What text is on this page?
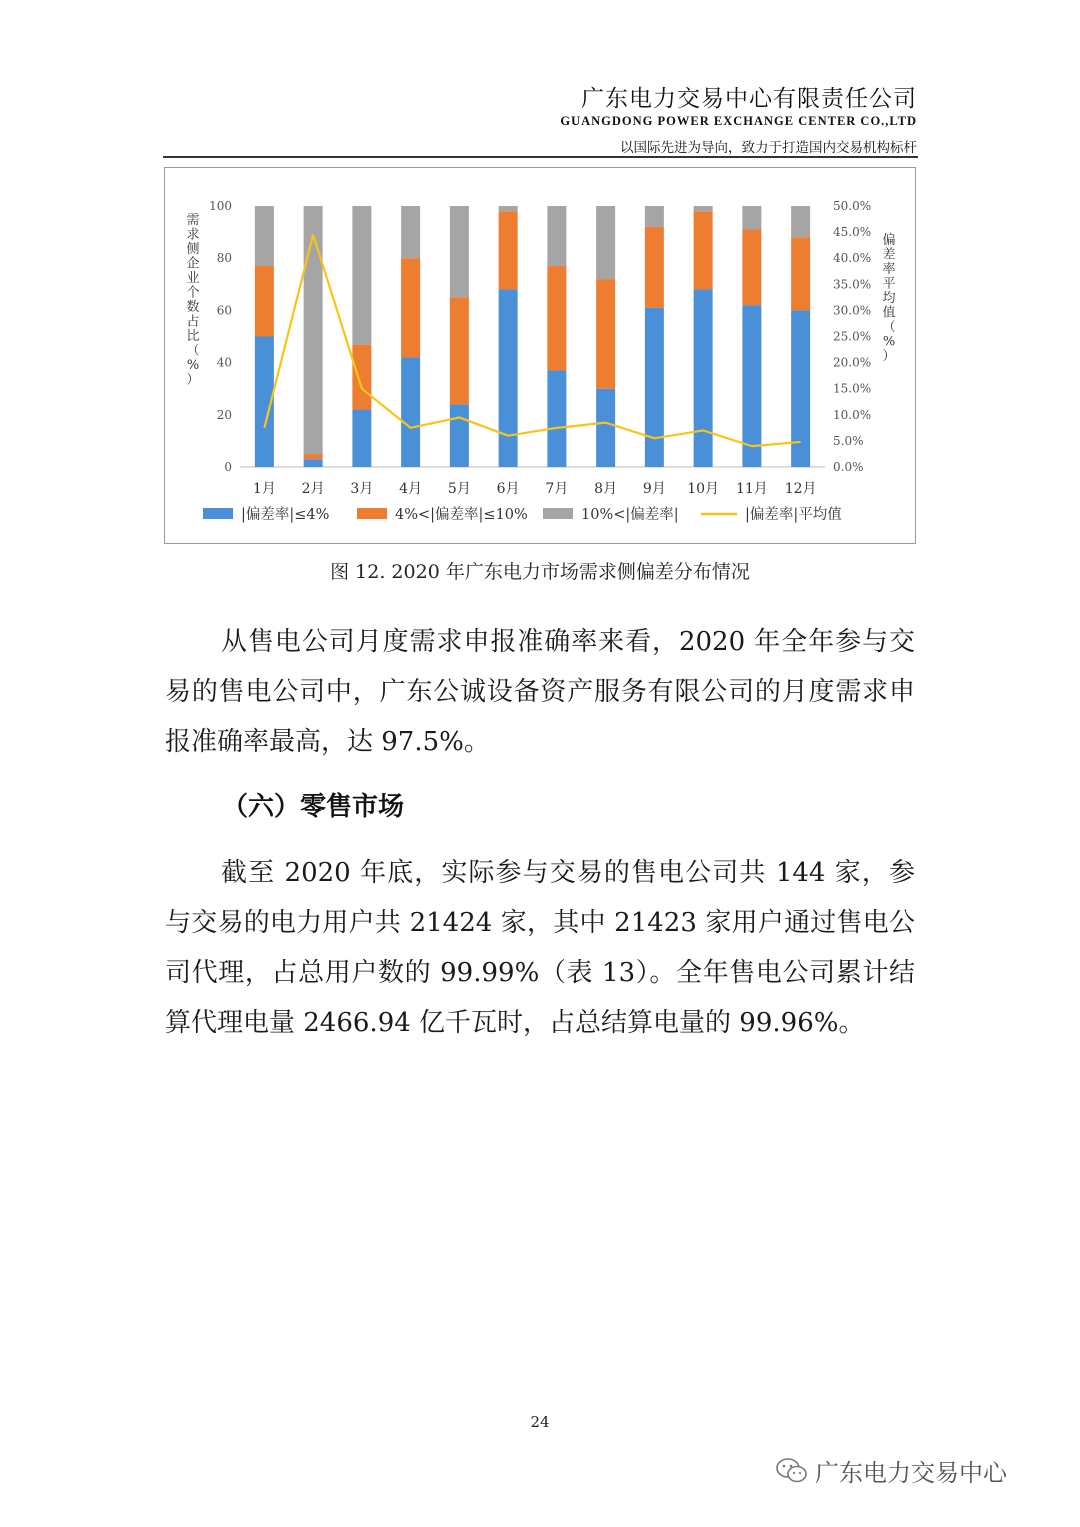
广东电力交易中心有限责任公司
GUANGDONG POWER EXCHANGE CENTER CO.,LTD
以国际先进为导向，致力于打造国内交易机构标杆
0
20
40
60
80
100
0.0%
5.0%
10.0%
15.0%
20.0%
25.0%
30.0%
35.0%
40.0%
45.0%
50.0%
1月 2月 3月 4月 5月 6月 7月 8月 9月 10月 11月 12月
需
求
侧
企
业
个
数
占
比
（
%
）
偏
差
率
平
均
值
（
%
）
|偏差率|≤4%	4%<|偏差率|≤10%	10%<|偏差率|	|偏差率|平均值
图 12. 2020 年广东电力市场需求侧偏差分布情况
从售电公司月度需求申报准确率来看，2020 年全年参与交易的售电公司中，广东公诚设备资产服务有限公司的月度需求申报准确率最高，达 97.5%。
（六）零售市场
截至 2020 年底，实际参与交易的售电公司共 144 家，参与交易的电力用户共 21424 家，其中 21423 家用户通过售电公司代理，占总用户数的 99.99%（表 13）。全年售电公司累计结算代理电量 2466.94 亿千瓦时，占总结算电量的 99.96%。
24
广东电力交易中心
